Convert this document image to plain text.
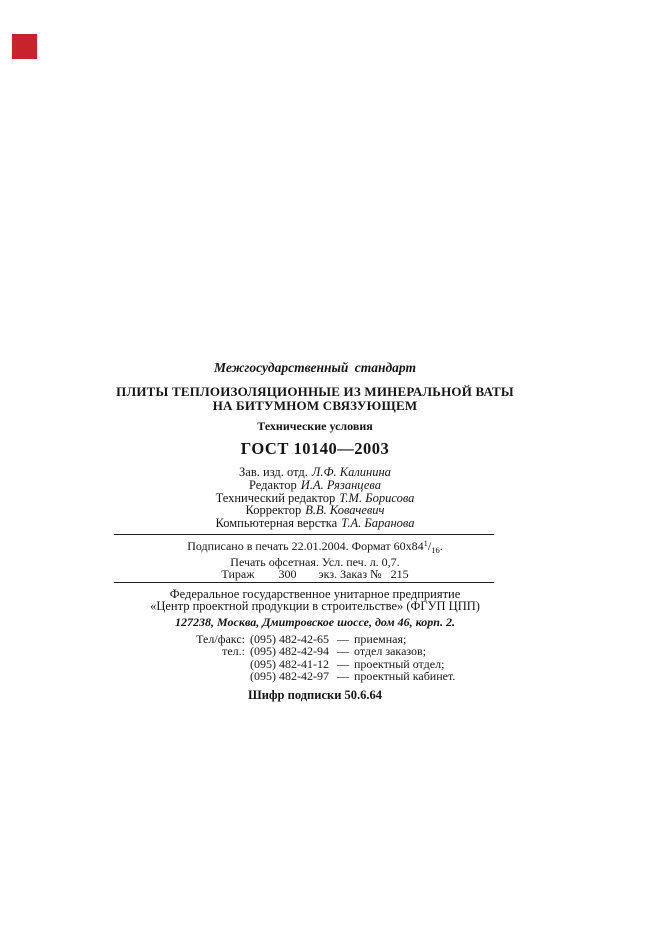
Межгосударственный стандарт
ПЛИТЫ ТЕПЛОИЗОЛЯЦИОННЫЕ ИЗ МИНЕРАЛЬНОЙ ВАТЫ
НА БИТУМНОМ СВЯЗУЮЩЕМ
Технические условия
ГОСТ 10140—2003
Зав. изд. отд. Л.Ф. Калинина
Редактор И.А. Рязанцева
Технический редактор Т.М. Борисова
Корректор В.В. Ковачевич
Компьютерная верстка Т.А. Баранова
Подписано в печать 22.01.2004. Формат $60х84^1/_{16}$.
Печать офсетная. Усл. печ. л. 0,7.
Тираж 300 экз. Заказ № 215
Федеральное государственное унитарное предприятие
«Центр проектной продукции в строительстве» (ФГУП ЦПП)
127238, Москва, Дмитровское шоссе, дом 46, корп. 2.
Тел/факс: (095) 482-42-65 — приемная;
тел.: (095) 482-42-94 — отдел заказов;
(095) 482-41-12 — проектный отдел;
(095) 482-42-97 — проектный кабинет.
Шифр подписки 50.6.64
